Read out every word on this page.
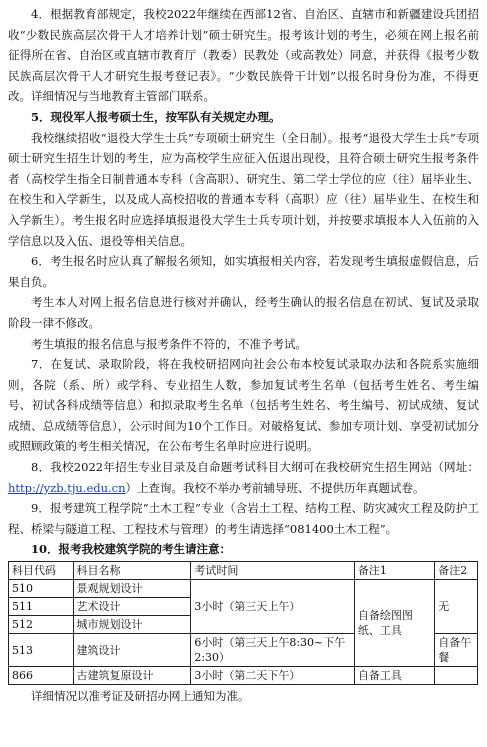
4．根据教育部规定，我校2022年继续在西部12省、自治区、直辖市和新疆建设兵团招收“少数民族高层次骨干人才培养计划”硕士研究生。报考该计划的考生，必须在网上报名前征得所在省、自治区或直辖市教育厅（教委）民教处（或高教处）同意，并获得《报考少数民族高层次骨干人才研究生报考登记表》。“少数民族骨干计划”以报名时身份为准，不得更改。详细情况与当地教育主管部门联系。

5．现役军人报考硕士生，按军队有关规定办理。

我校继续招收“退役大学生士兵”专项硕士研究生（全日制）。报考“退役大学生士兵”专项硕士研究生招生计划的考生，应为高校学生应征入伍退出现役，且符合硕士研究生报考条件者（高校学生指全日制普通本专科（含高职）、研究生、第二学士学位的应（往）届毕业生、在校生和入学新生，以及成人高校招收的普通本专科（高职）应（往）届毕业生、在校生和入学新生）。考生报名时应选择填报退役大学生士兵专项计划，并按要求填报本人入伍前的入学信息以及入伍、退役等相关信息。

6．考生报名时应认真了解报名须知，如实填报相关内容，若发现考生填报虚假信息，后果自负。

考生本人对网上报名信息进行核对并确认，经考生确认的报名信息在初试、复试及录取阶段一律不修改。

考生填报的报名信息与报考条件不符的，不准予考试。

7．在复试、录取阶段，将在我校研招网向社会公布本校复试录取办法和各院系实施细则，各院（系、所）或学科、专业招生人数，参加复试考生名单（包括考生姓名、考生编号、初试各科成绩等信息）和拟录取考生名单（包括考生姓名、考生编号、初试成绩、复试成绩、总成绩等信息），公示时间为10个工作日。对破格复试、参加专项计划、享受初试加分或照顾政策的考生相关情况，在公布考生名单时应进行说明。

8．我校2022年招生专业目录及自命题考试科目大纲可在我校研究生招生网站（网址：http://yzb.tju.edu.cn）上查询。我校不举办考前辅导班、不提供历年真题试卷。

9．报考建筑工程学院“土木工程”专业（含岩土工程、结构工程、防灾减灾工程及防护工程、桥梁与隧道工程、工程技术与管理）的考生请选择“081400土木工程”。

10．报考我校建筑学院的考生请注意：

科目代码	科目名称	考试时间	备注1	备注2
510	景观规划设计	3小时（第三天上午）	自备绘图图纸、工具	无
511	艺术设计			
512	城市规划设计			
513	建筑设计	6小时（第三天上午8:30~下午2:30）		自备午餐
866	古建筑复原设计	3小时（第二天下午）	自备工具	

详细情况以准考证及研招办网上通知为准。
